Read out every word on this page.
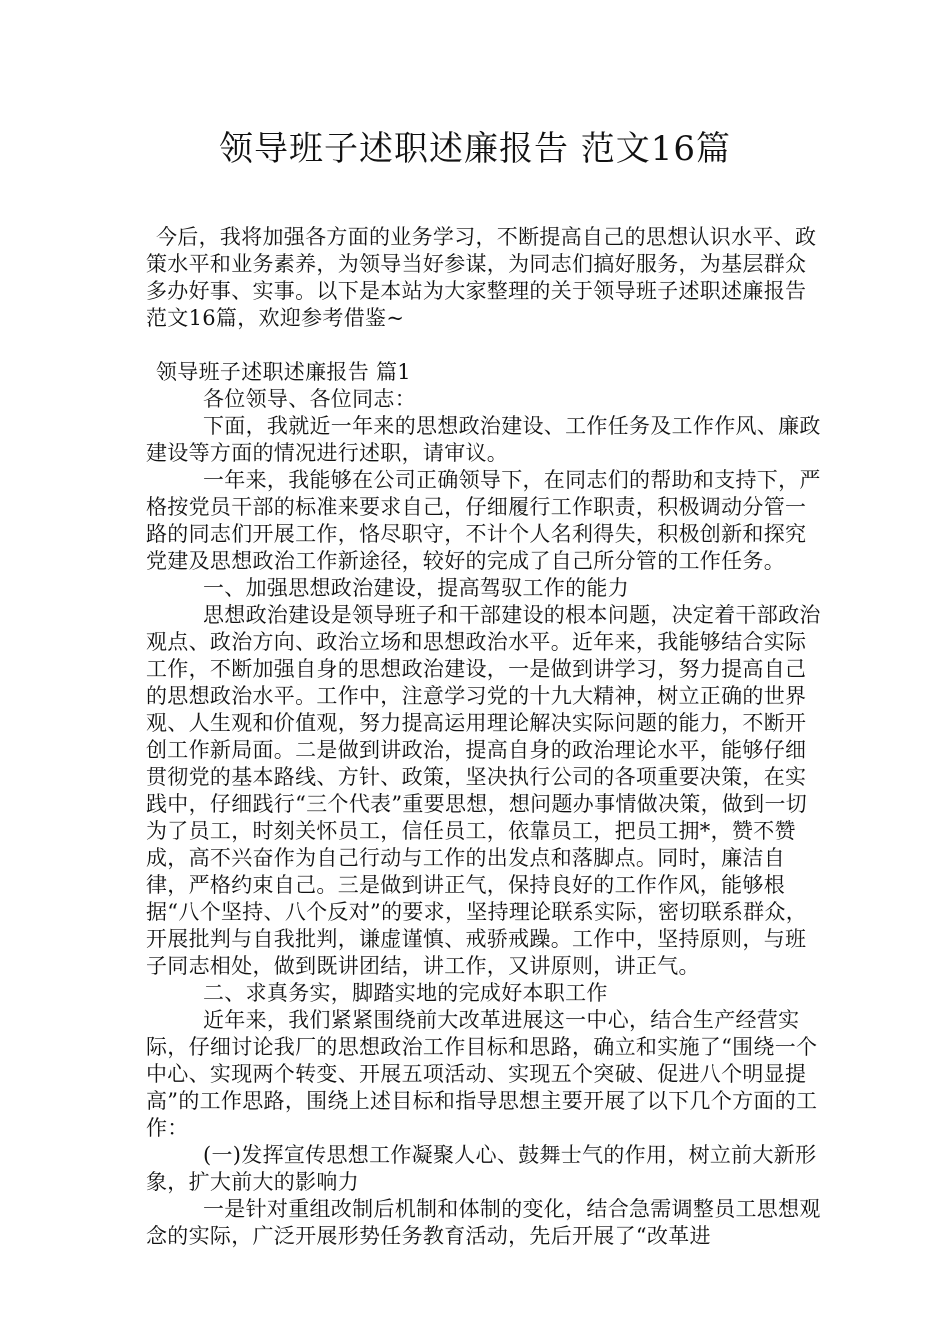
领导班子述职述廉报告 范文16篇

今后，我将加强各方面的业务学习，不断提高自己的思想认识水平、政策水平和业务素养，为领导当好参谋，为同志们搞好服务，为基层群众多办好事、实事。以下是本站为大家整理的关于领导班子述职述廉报告 范文16篇，欢迎参考借鉴~

领导班子述职述廉报告 篇1

各位领导、各位同志：

下面，我就近一年来的思想政治建设、工作任务及工作作风、廉政建设等方面的情况进行述职，请审议。

一年来，我能够在公司正确领导下，在同志们的帮助和支持下，严格按党员干部的标准来要求自己，仔细履行工作职责，积极调动分管一路的同志们开展工作，恪尽职守，不计个人名利得失，积极创新和探究党建及思想政治工作新途径，较好的完成了自己所分管的工作任务。

一、加强思想政治建设，提高驾驭工作的能力

思想政治建设是领导班子和干部建设的根本问题，决定着干部政治观点、政治方向、政治立场和思想政治水平。近年来，我能够结合实际工作，不断加强自身的思想政治建设，一是做到讲学习，努力提高自己的思想政治水平。工作中，注意学习党的十九大精神，树立正确的世界观、人生观和价值观，努力提高运用理论解决实际问题的能力，不断开创工作新局面。二是做到讲政治，提高自身的政治理论水平，能够仔细贯彻党的基本路线、方针、政策，坚决执行公司的各项重要决策，在实践中，仔细践行“三个代表”重要思想，想问题办事情做决策，做到一切为了员工，时刻关怀员工，信任员工，依靠员工，把员工拥*，赞不赞成，高不兴奋作为自己行动与工作的出发点和落脚点。同时，廉洁自律，严格约束自己。三是做到讲正气，保持良好的工作作风，能够根据“八个坚持、八个反对”的要求，坚持理论联系实际，密切联系群众，开展批判与自我批判，谦虚谨慎、戒骄戒躁。工作中，坚持原则，与班子同志相处，做到既讲团结，讲工作，又讲原则，讲正气。

二、求真务实，脚踏实地的完成好本职工作

近年来，我们紧紧围绕前大改革进展这一中心，结合生产经营实际，仔细讨论我厂的思想政治工作目标和思路，确立和实施了“围绕一个中心、实现两个转变、开展五项活动、实现五个突破、促进八个明显提高”的工作思路，围绕上述目标和指导思想主要开展了以下几个方面的工作：

(一)发挥宣传思想工作凝聚人心、鼓舞士气的作用，树立前大新形象，扩大前大的影响力

一是针对重组改制后机制和体制的变化，结合急需调整员工思想观念的实际，广泛开展形势任务教育活动，先后开展了“改革进
